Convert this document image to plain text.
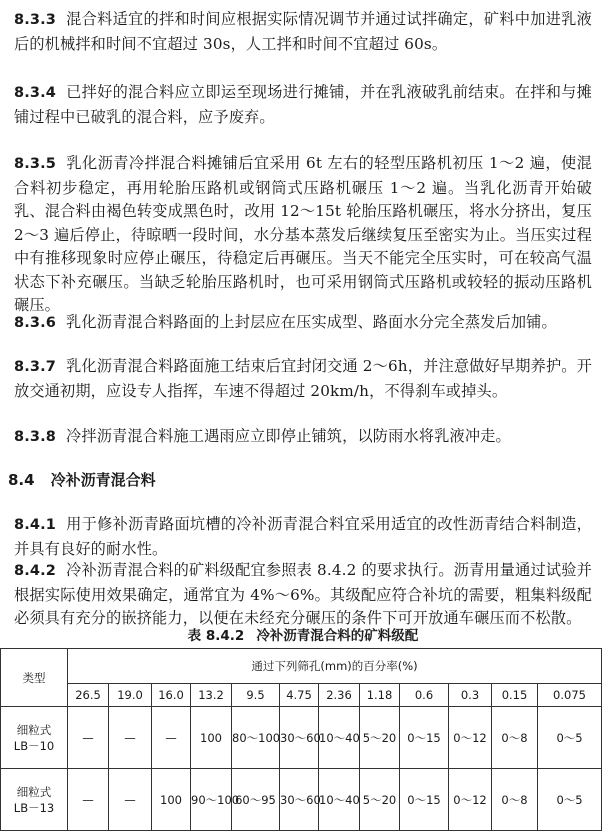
8.3.3 混合料适宜的拌和时间应根据实际情况调节并通过试拌确定，矿料中加进乳液后的机械拌和时间不宜超过 30s，人工拌和时间不宜超过 60s。

8.3.4 已拌好的混合料应立即运至现场进行摊铺，并在乳液破乳前结束。在拌和与摊铺过程中已破乳的混合料，应予废弃。

8.3.5 乳化沥青冷拌混合料摊铺后宜采用 6t 左右的轻型压路机初压 1～2 遍，使混合料初步稳定，再用轮胎压路机或钢筒式压路机碾压 1～2 遍。当乳化沥青开始破乳、混合料由褐色转变成黑色时，改用 12～15t 轮胎压路机碾压，将水分挤出，复压 2～3 遍后停止，待晾晒一段时间，水分基本蒸发后继续复压至密实为止。当压实过程中有推移现象时应停止碾压，待稳定后再碾压。当天不能完全压实时，可在较高气温状态下补充碾压。当缺乏轮胎压路机时，也可采用钢筒式压路机或较轻的振动压路机碾压。

8.3.6 乳化沥青混合料路面的上封层应在压实成型、路面水分完全蒸发后加铺。

8.3.7 乳化沥青混合料路面施工结束后宜封闭交通 2～6h，并注意做好早期养护。开放交通初期，应设专人指挥，车速不得超过 20km/h，不得刹车或掉头。

8.3.8 冷拌沥青混合料施工遇雨应立即停止铺筑，以防雨水将乳液冲走。

8.4 冷补沥青混合料

8.4.1 用于修补沥青路面坑槽的冷补沥青混合料宜采用适宜的改性沥青结合料制造，并具有良好的耐水性。

8.4.2 冷补沥青混合料的矿料级配宜参照表 8.4.2 的要求执行。沥青用量通过试验并根据实际使用效果确定，通常宜为 4%～6%。其级配应符合补坑的需要，粗集料级配必须具有充分的嵌挤能力，以便在未经充分碾压的条件下可开放通车碾压而不松散。

表 8.4.2 冷补沥青混合料的矿料级配

类型	通过下列筛孔(mm)的百分率(%)											
	26.5	19.0	16.0	13.2	9.5	4.75	2.36	1.18	0.6	0.3	0.15	0.075
细粒式
LB－10	—	—	—	100	80～100	30～60	10～40	5～20	0～15	0～12	0～8	0～5
细粒式
LB－13	—	—	100	90～100	60～95	30～60	10～40	5～20	0～15	0～12	0～8	0～5
